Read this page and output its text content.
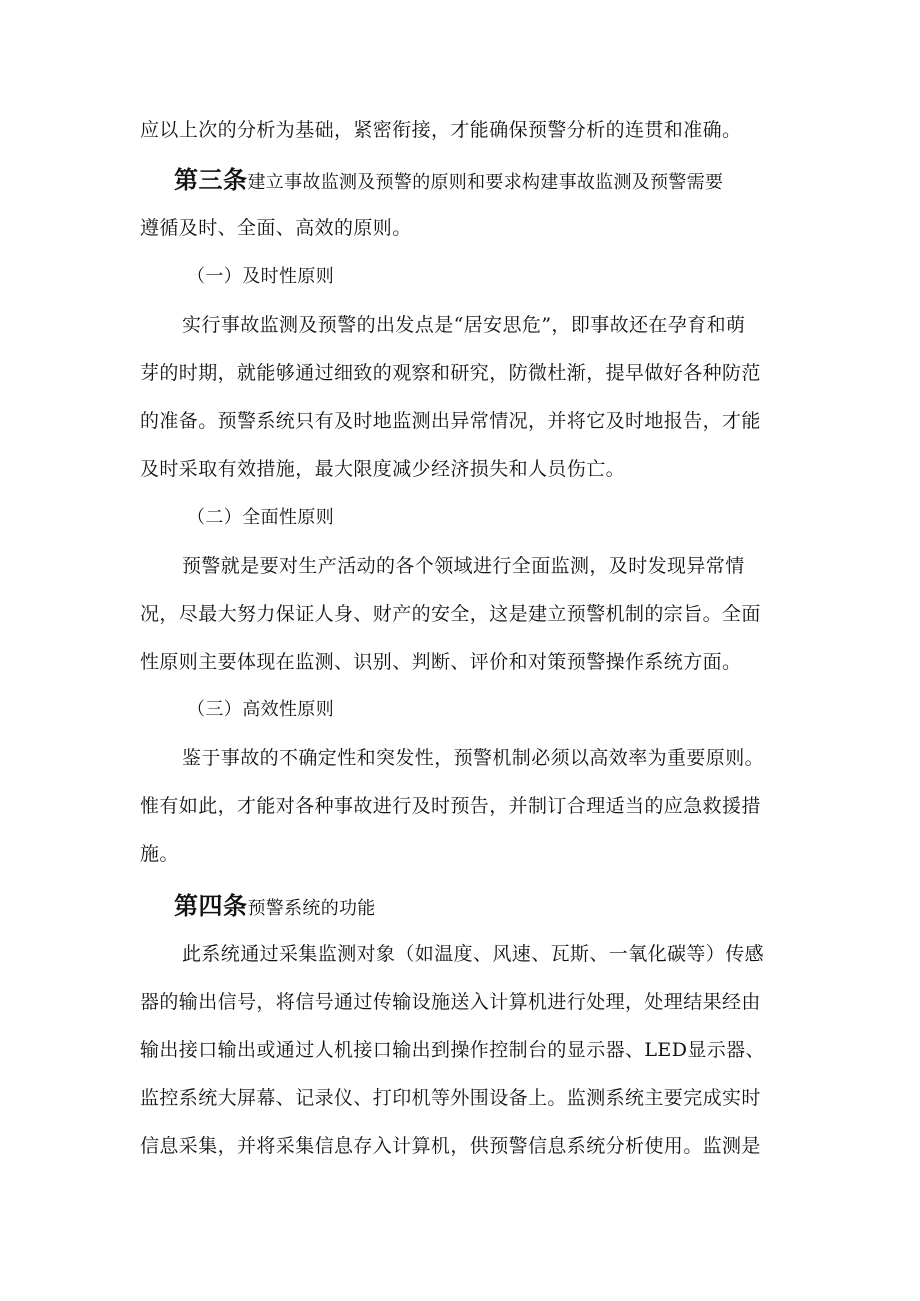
应以上次的分析为基础，紧密衔接，才能确保预警分析的连贯和准确。
第三条建立事故监测及预警的原则和要求构建事故监测及预警需要
遵循及时、全面、高效的原则。
（一）及时性原则
实行事故监测及预警的出发点是“居安思危”，即事故还在孕育和萌
芽的时期，就能够通过细致的观察和研究，防微杜渐，提早做好各种防范
的准备。预警系统只有及时地监测出异常情况，并将它及时地报告，才能
及时采取有效措施，最大限度减少经济损失和人员伤亡。
（二）全面性原则
预警就是要对生产活动的各个领域进行全面监测，及时发现异常情
况，尽最大努力保证人身、财产的安全，这是建立预警机制的宗旨。全面
性原则主要体现在监测、识别、判断、评价和对策预警操作系统方面。
（三）高效性原则
鉴于事故的不确定性和突发性，预警机制必须以高效率为重要原则。
惟有如此，才能对各种事故进行及时预告，并制订合理适当的应急救援措
施。
第四条预警系统的功能
此系统通过采集监测对象（如温度、风速、瓦斯、一氧化碳等）传感
器的输出信号，将信号通过传输设施送入计算机进行处理，处理结果经由
输出接口输出或通过人机接口输出到操作控制台的显示器、LED显示器、
监控系统大屏幕、记录仪、打印机等外围设备上。监测系统主要完成实时
信息采集，并将采集信息存入计算机，供预警信息系统分析使用。监测是
